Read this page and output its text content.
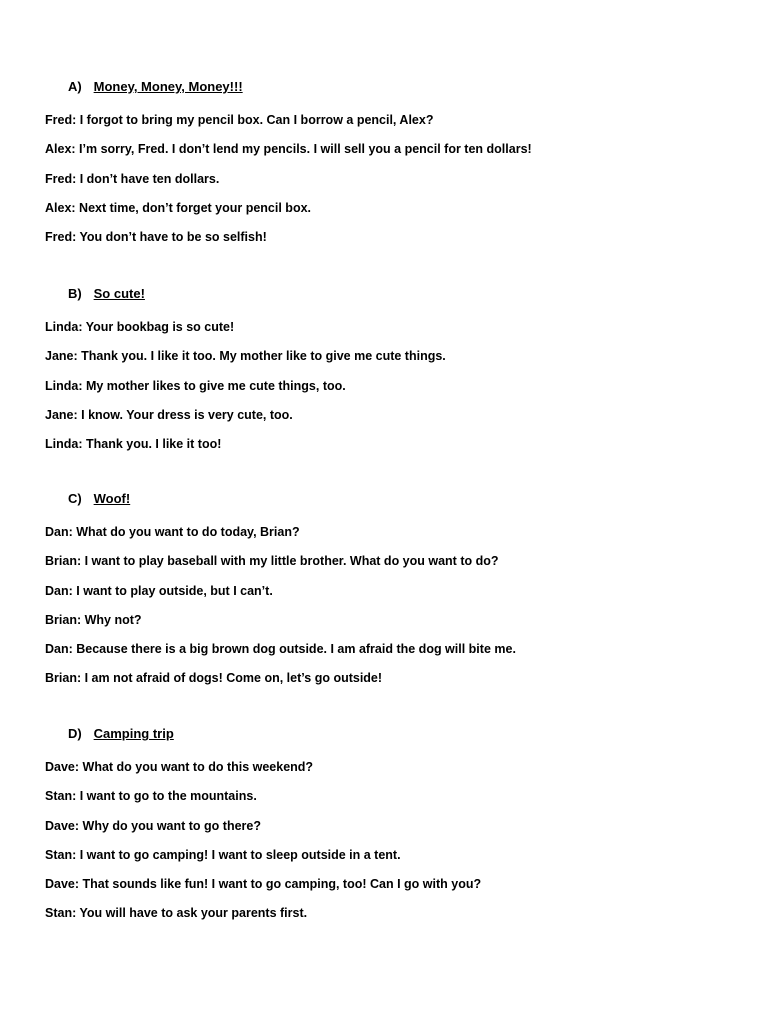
A) Money, Money, Money!!!
Fred: I forgot to bring my pencil box. Can I borrow a pencil, Alex?
Alex: I’m sorry, Fred. I don’t lend my pencils. I will sell you a pencil for ten dollars!
Fred: I don’t have ten dollars.
Alex: Next time, don’t forget your pencil box.
Fred: You don’t have to be so selfish!
B) So cute!
Linda: Your bookbag is so cute!
Jane: Thank you. I like it too. My mother like to give me cute things.
Linda: My mother likes to give me cute things, too.
Jane: I know. Your dress is very cute, too.
Linda: Thank you. I like it too!
C) Woof!
Dan: What do you want to do today, Brian?
Brian: I want to play baseball with my little brother. What do you want to do?
Dan: I want to play outside, but I can’t.
Brian: Why not?
Dan: Because there is a big brown dog outside. I am afraid the dog will bite me.
Brian: I am not afraid of dogs! Come on, let’s go outside!
D) Camping trip
Dave: What do you want to do this weekend?
Stan: I want to go to the mountains.
Dave: Why do you want to go there?
Stan: I want to go camping! I want to sleep outside in a tent.
Dave: That sounds like fun! I want to go camping, too! Can I go with you?
Stan: You will have to ask your parents first.
